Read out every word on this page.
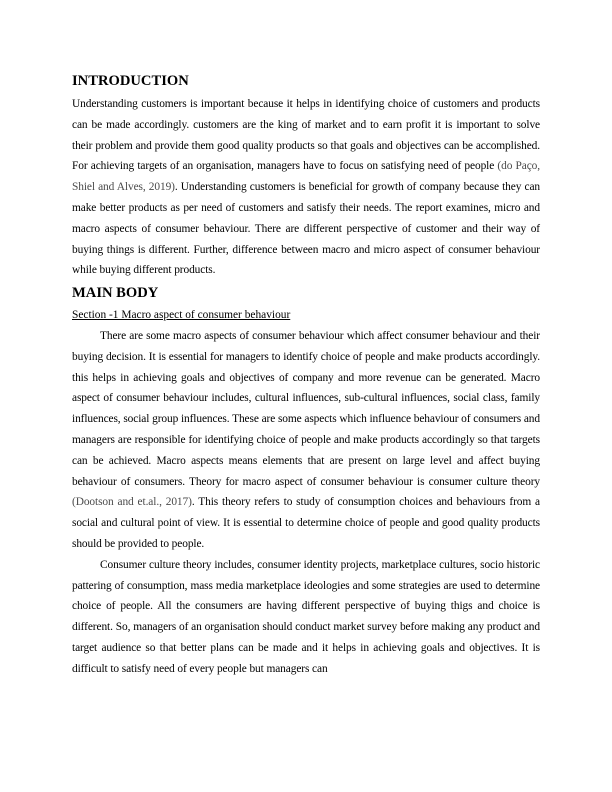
INTRODUCTION

Understanding customers is important because it helps in identifying choice of customers and products can be made accordingly. customers are the king of market and to earn profit it is important to solve their problem and provide them good quality products so that goals and objectives can be accomplished. For achieving targets of an organisation, managers have to focus on satisfying need of people (do Paço, Shiel and Alves, 2019). Understanding customers is beneficial for growth of company because they can make better products as per need of customers and satisfy their needs. The report examines, micro and macro aspects of consumer behaviour. There are different perspective of customer and their way of buying things is different. Further, difference between macro and micro aspect of consumer behaviour while buying different products.

MAIN BODY
Section -1 Macro aspect of consumer behaviour

There are some macro aspects of consumer behaviour which affect consumer behaviour and their buying decision. It is essential for managers to identify choice of people and make products accordingly. this helps in achieving goals and objectives of company and more revenue can be generated. Macro aspect of consumer behaviour includes, cultural influences, sub-cultural influences, social class, family influences, social group influences. These are some aspects which influence behaviour of consumers and managers are responsible for identifying choice of people and make products accordingly so that targets can be achieved. Macro aspects means elements that are present on large level and affect buying behaviour of consumers. Theory for macro aspect of consumer behaviour is consumer culture theory (Dootson and et.al., 2017). This theory refers to study of consumption choices and behaviours from a social and cultural point of view. It is essential to determine choice of people and good quality products should be provided to people.

Consumer culture theory includes, consumer identity projects, marketplace cultures, socio historic pattering of consumption, mass media marketplace ideologies and some strategies are used to determine choice of people. All the consumers are having different perspective of buying thigs and choice is different. So, managers of an organisation should conduct market survey before making any product and target audience so that better plans can be made and it helps in achieving goals and objectives. It is difficult to satisfy need of every people but managers can
